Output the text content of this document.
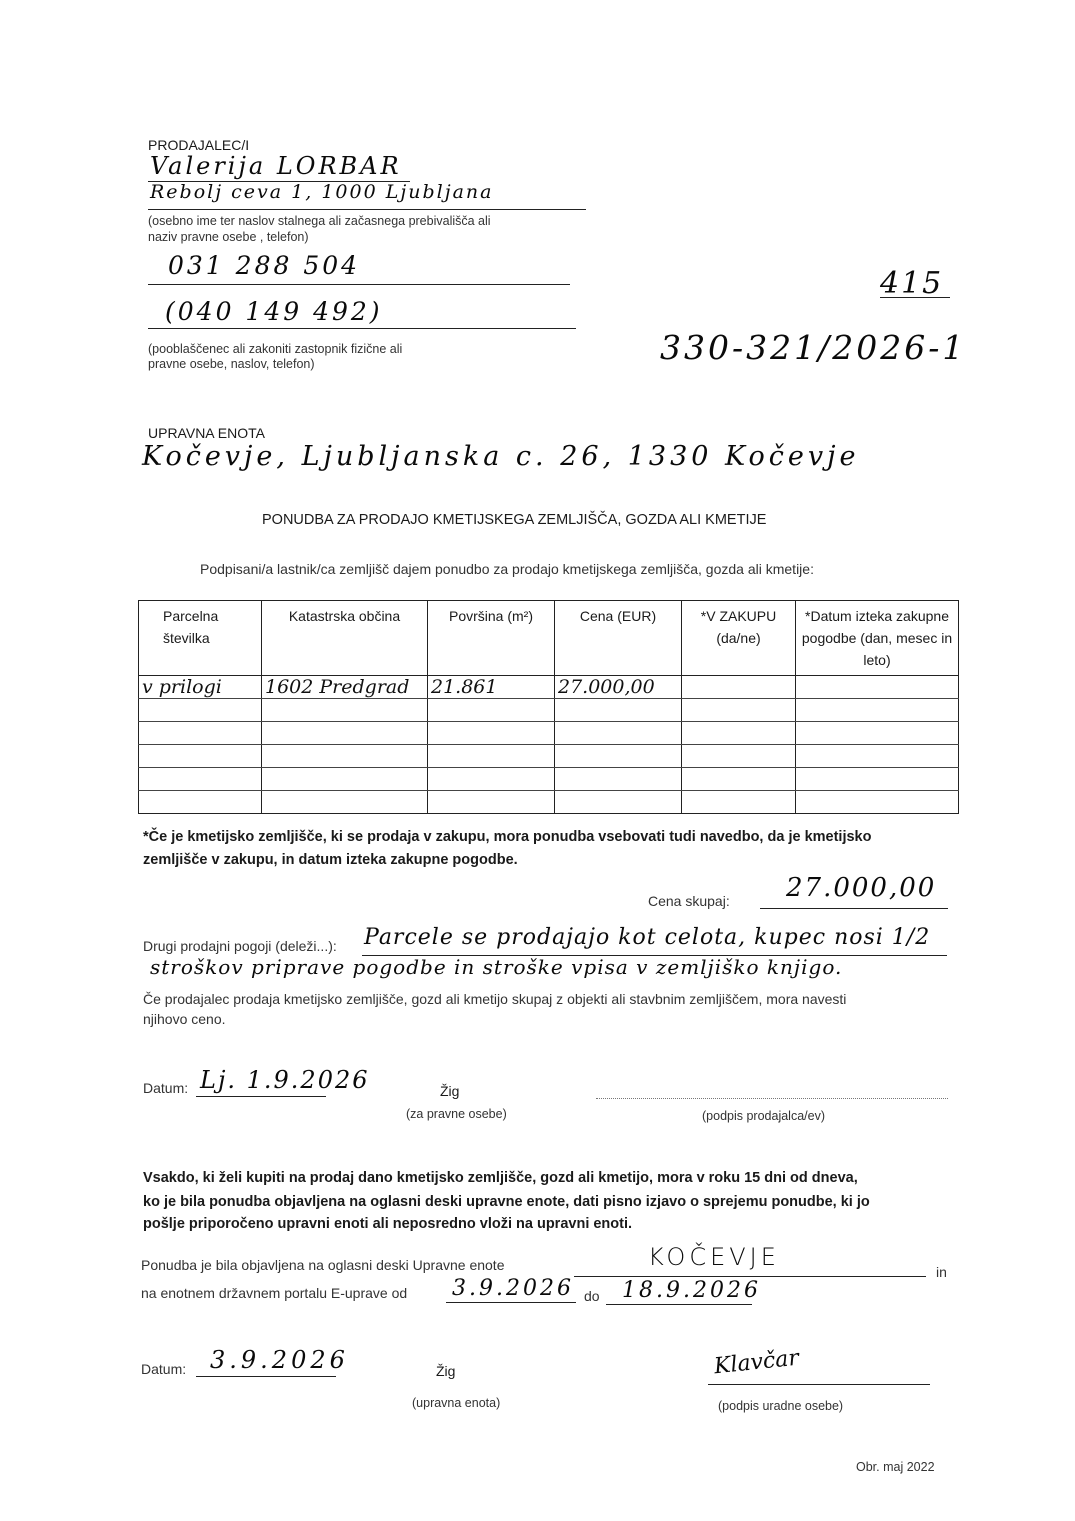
PRODAJALEC/I
Valerija LORBAR
Rebolj ceva 1, 1000 Ljubljana
(osebno ime ter naslov stalnega ali začasnega prebivališča ali
naziv pravne osebe , telefon)
031 288 504
(040 149 492)
(pooblaščenec ali zakoniti zastopnik fizične ali
pravne osebe, naslov, telefon)
415
330-321/2026-1
UPRAVNA ENOTA
Kočevje, Ljubljanska c. 26, 1330 Kočevje
PONUDBA ZA PRODAJO KMETIJSKEGA ZEMLJIŠČA, GOZDA ALI KMETIJE
Podpisani/a lastnik/ca zemljišč dajem ponudbo za prodajo kmetijskega zemljišča, gozda ali kmetije:
Parcelna številka	Katastrska občina	Površina (m²)	Cena (EUR)	*V ZAKUPU (da/ne)	*Datum izteka zakupne pogodbe (dan, mesec in leto)
v prilogi	1602 Predgrad	21.861	27.000,00		

*Če je kmetijsko zemljišče, ki se prodaja v zakupu, mora ponudba vsebovati tudi navedbo, da je kmetijsko
zemljišče v zakupu, in datum izteka zakupne pogodbe.
Cena skupaj: 27.000,00
Drugi prodajni pogoji (deleži...): Parcele se prodajajo kot celota, kupec nosi 1/2
stroškov priprave pogodbe in stroške vpisa v zemljiško knjigo.
Če prodajalec prodaja kmetijsko zemljišče, gozd ali kmetijo skupaj z objekti ali stavbnim zemljiščem, mora navesti
njihovo ceno.
Datum: Lj. 1.9.2026	Žig
(za pravne osebe)	(podpis prodajalca/ev)
Vsakdo, ki želi kupiti na prodaj dano kmetijsko zemljišče, gozd ali kmetijo, mora v roku 15 dni od dneva,
ko je bila ponudba objavljena na oglasni deski upravne enote, dati pisno izjavo o sprejemu ponudbe, ki jo
pošlje priporočeno upravni enoti ali neposredno vloži na upravni enoti.
Ponudba je bila objavljena na oglasni deski Upravne enote	KOČEVJE
in
na enotnem državnem portalu E-uprave od 3.9.2026 do 18.9.2026
Datum: 3.9.2026	Žig
(upravna enota)
Klavčar
(podpis uradne osebe)
Obr. maj 2022
